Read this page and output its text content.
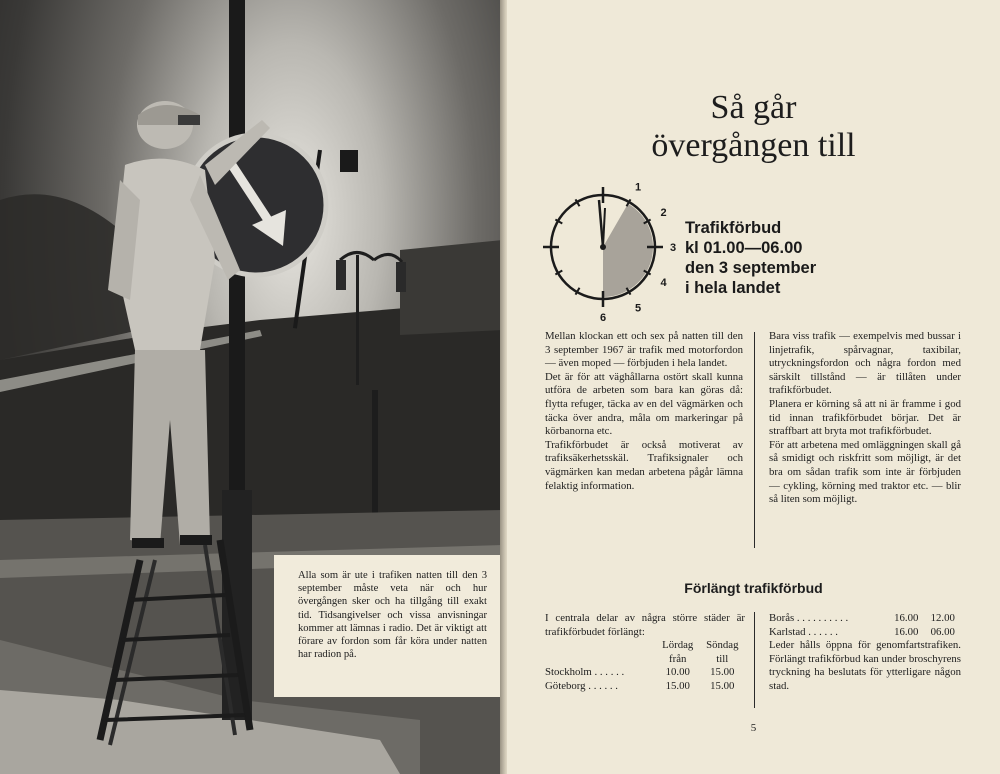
Alla som är ute i trafiken natten till den 3 september måste veta när och hur övergången sker och ha tillgång till exakt tid. Tidsangivelser och vissa anvisningar kommer att lämnas i radio. Det är viktigt att förare av fordon som får köra under natten har radion på.
Så går
övergången till
1
2
3
4
5
6
Trafikförbud
kl 01.00—06.00
den 3 september
i hela landet

Mellan klockan ett och sex på natten till den 3 september 1967 är trafik med motorfordon — även moped — förbjuden i hela landet.

Det är för att väghållarna ostört skall kunna utföra de arbeten som bara kan göras då: flytta refuger, täcka av en del vägmärken och täcka över andra, måla om markeringar på körbanorna etc.

Trafikförbudet är också motiverat av trafiksäkerhetsskäl. Trafiksignaler och vägmärken kan medan arbetena pågår lämna felaktig information.

Bara viss trafik — exempelvis med bussar i linjetrafik, spårvagnar, taxibilar, utryckningsfordon och några fordon med särskilt tillstånd — är tillåten under trafikförbudet.

Planera er körning så att ni är framme i god tid innan trafikförbudet börjar. Det är straffbart att bryta mot trafikförbudet.

För att arbetena med omläggningen skall gå så smidigt och riskfritt som möjligt, är det bra om sådan trafik som inte är förbjuden — cykling, körning med traktor etc. — blir så liten som möjligt.

Förlängt trafikförbud

I centrala delar av några större städer är trafikförbudet förlängt:

	Lördag	Söndag
	från	till
Stockholm . . . . . .	10.00	15.00
Göteborg . . . . . .	15.00	15.00
Borås . . . . . . . . . .	16.00	12.00
Karlstad . . . . . .	16.00	06.00

Leder hålls öppna för genomfartstrafiken. Förlängt trafikförbud kan under broschyrens tryckning ha beslutats för ytterligare någon stad.

5
